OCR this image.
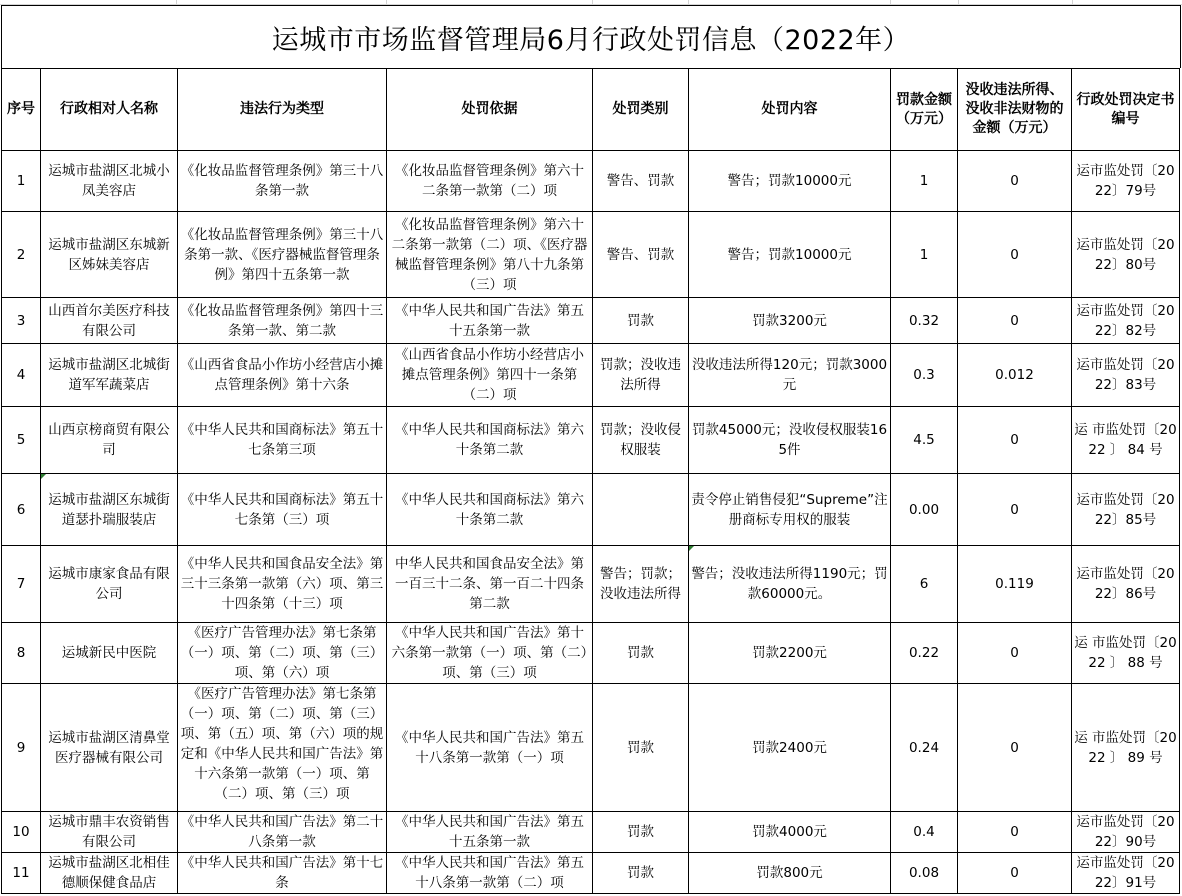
运城市市场监督管理局6月行政处罚信息（2022年）
序号	行政相对人名称	违法行为类型	处罚依据	处罚类别	处罚内容	罚款金额（万元）	没收违法所得、没收非法财物的金额（万元）	行政处罚决定书编号
1	运城市盐湖区北城小凤美容店	《化妆品监督管理条例》第三十八条第一款	《化妆品监督管理条例》第六十二条第一款第（二）项	警告、罚款	警告；罚款10000元	1	0	运市监处罚〔2022〕79号
2	运城市盐湖区东城新区姊妹美容店	《化妆品监督管理条例》第三十八条第一款、《医疗器械监督管理条例》第四十五条第一款	《化妆品监督管理条例》第六十二条第一款第（二）项、《医疗器械监督管理条例》第八十九条第（三）项	警告、罚款	警告；罚款10000元	1	0	运市监处罚〔2022〕80号
3	山西首尔美医疗科技有限公司	《化妆品监督管理条例》第四十三条第一款、第二款	《中华人民共和国广告法》第五十五条第一款	罚款	罚款3200元	0.32	0	运市监处罚〔2022〕82号
4	运城市盐湖区北城街道军军蔬菜店	《山西省食品小作坊小经营店小摊点管理条例》第十六条	《山西省食品小作坊小经营店小摊点管理条例》第四十一条第（二）项	罚款；没收违法所得	没收违法所得120元；罚款3000元	0.3	0.012	运市监处罚〔2022〕83号
5	山西京榜商贸有限公司	《中华人民共和国商标法》第五十七条第三项	《中华人民共和国商标法》第六十条第二款	罚款；没收侵权服装	罚款45000元；没收侵权服装165件	4.5	0	运 市监处罚〔2022 〕 84 号
6	运城市盐湖区东城街道瑟扑瑞服装店	《中华人民共和国商标法》第五十七条第（三）项	《中华人民共和国商标法》第六十条第二款		责令停止销售侵犯“Supreme”注册商标专用权的服装	0.00	0	运市监处罚〔2022〕85号
7	运城市康家食品有限公司	《中华人民共和国食品安全法》第三十三条第一款第（六）项、第三十四条第（十三）项	中华人民共和国食品安全法》第一百三十二条、第一百二十四条第二款	警告；罚款；没收违法所得	警告；没收违法所得1190元；罚款60000元。	6	0.119	运市监处罚〔2022〕86号
8	运城新民中医院	《医疗广告管理办法》第七条第（一）项、第（二）项、第（三）项、第（六）项	《中华人民共和国广告法》第十六条第一款第（一）项、第（二）项、第（三）项	罚款	罚款2200元	0.22	0	运 市监处罚〔2022 〕 88 号
9	运城市盐湖区清鼻堂医疗器械有限公司	《医疗广告管理办法》第七条第（一）项、第（二）项、第（三）项、第（五）项、第（六）项的规定和《中华人民共和国广告法》第十六条第一款第（一）项、第（二）项、第（三）项	《中华人民共和国广告法》第五十八条第一款第（一）项	罚款	罚款2400元	0.24	0	运 市监处罚〔2022 〕 89 号
10	运城市鼎丰农资销售有限公司	《中华人民共和国广告法》第二十八条第一款	《中华人民共和国广告法》第五十五条第一款	罚款	罚款4000元	0.4	0	运市监处罚〔2022〕90号
11	运城市盐湖区北相佳德顺保健食品店	《中华人民共和国广告法》第十七条	《中华人民共和国广告法》第五十八条第一款第（二）项	罚款	罚款800元	0.08	0	运市监处罚〔2022〕91号
